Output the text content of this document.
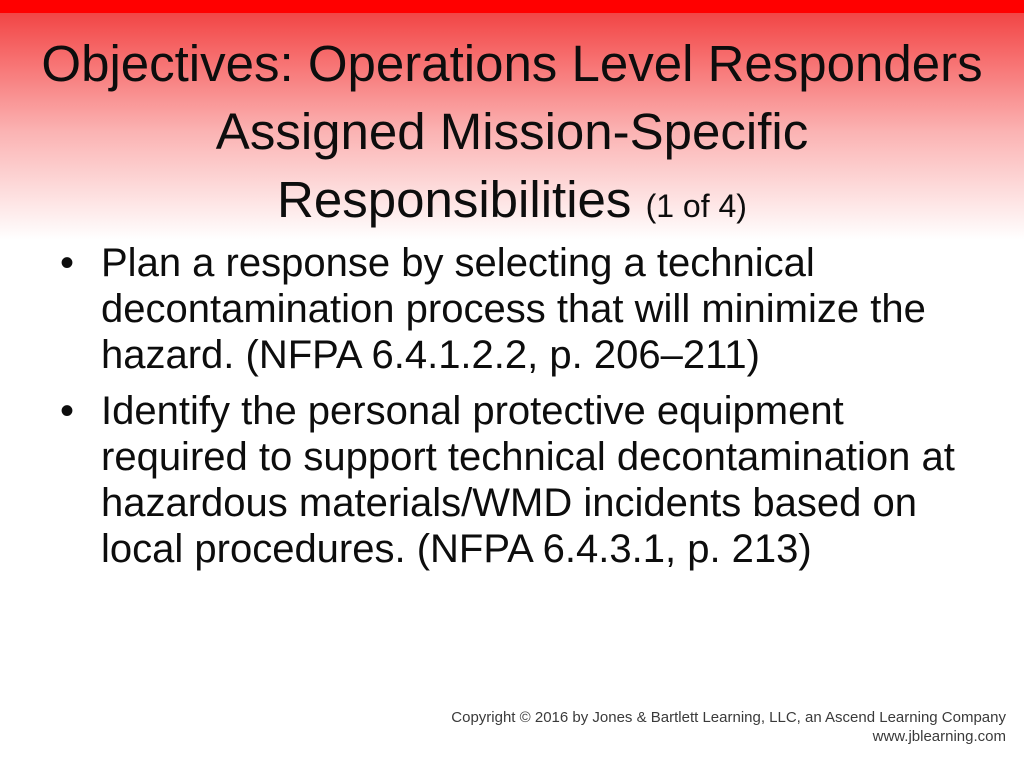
Objectives: Operations Level Responders Assigned Mission-Specific Responsibilities (1 of 4)
• Plan a response by selecting a technical decontamination process that will minimize the hazard. (NFPA 6.4.1.2.2, p. 206–211)
• Identify the personal protective equipment required to support technical decontamination at hazardous materials/WMD incidents based on local procedures. (NFPA 6.4.3.1, p. 213)
Copyright © 2016 by Jones & Bartlett Learning, LLC, an Ascend Learning Company
www.jblearning.com
